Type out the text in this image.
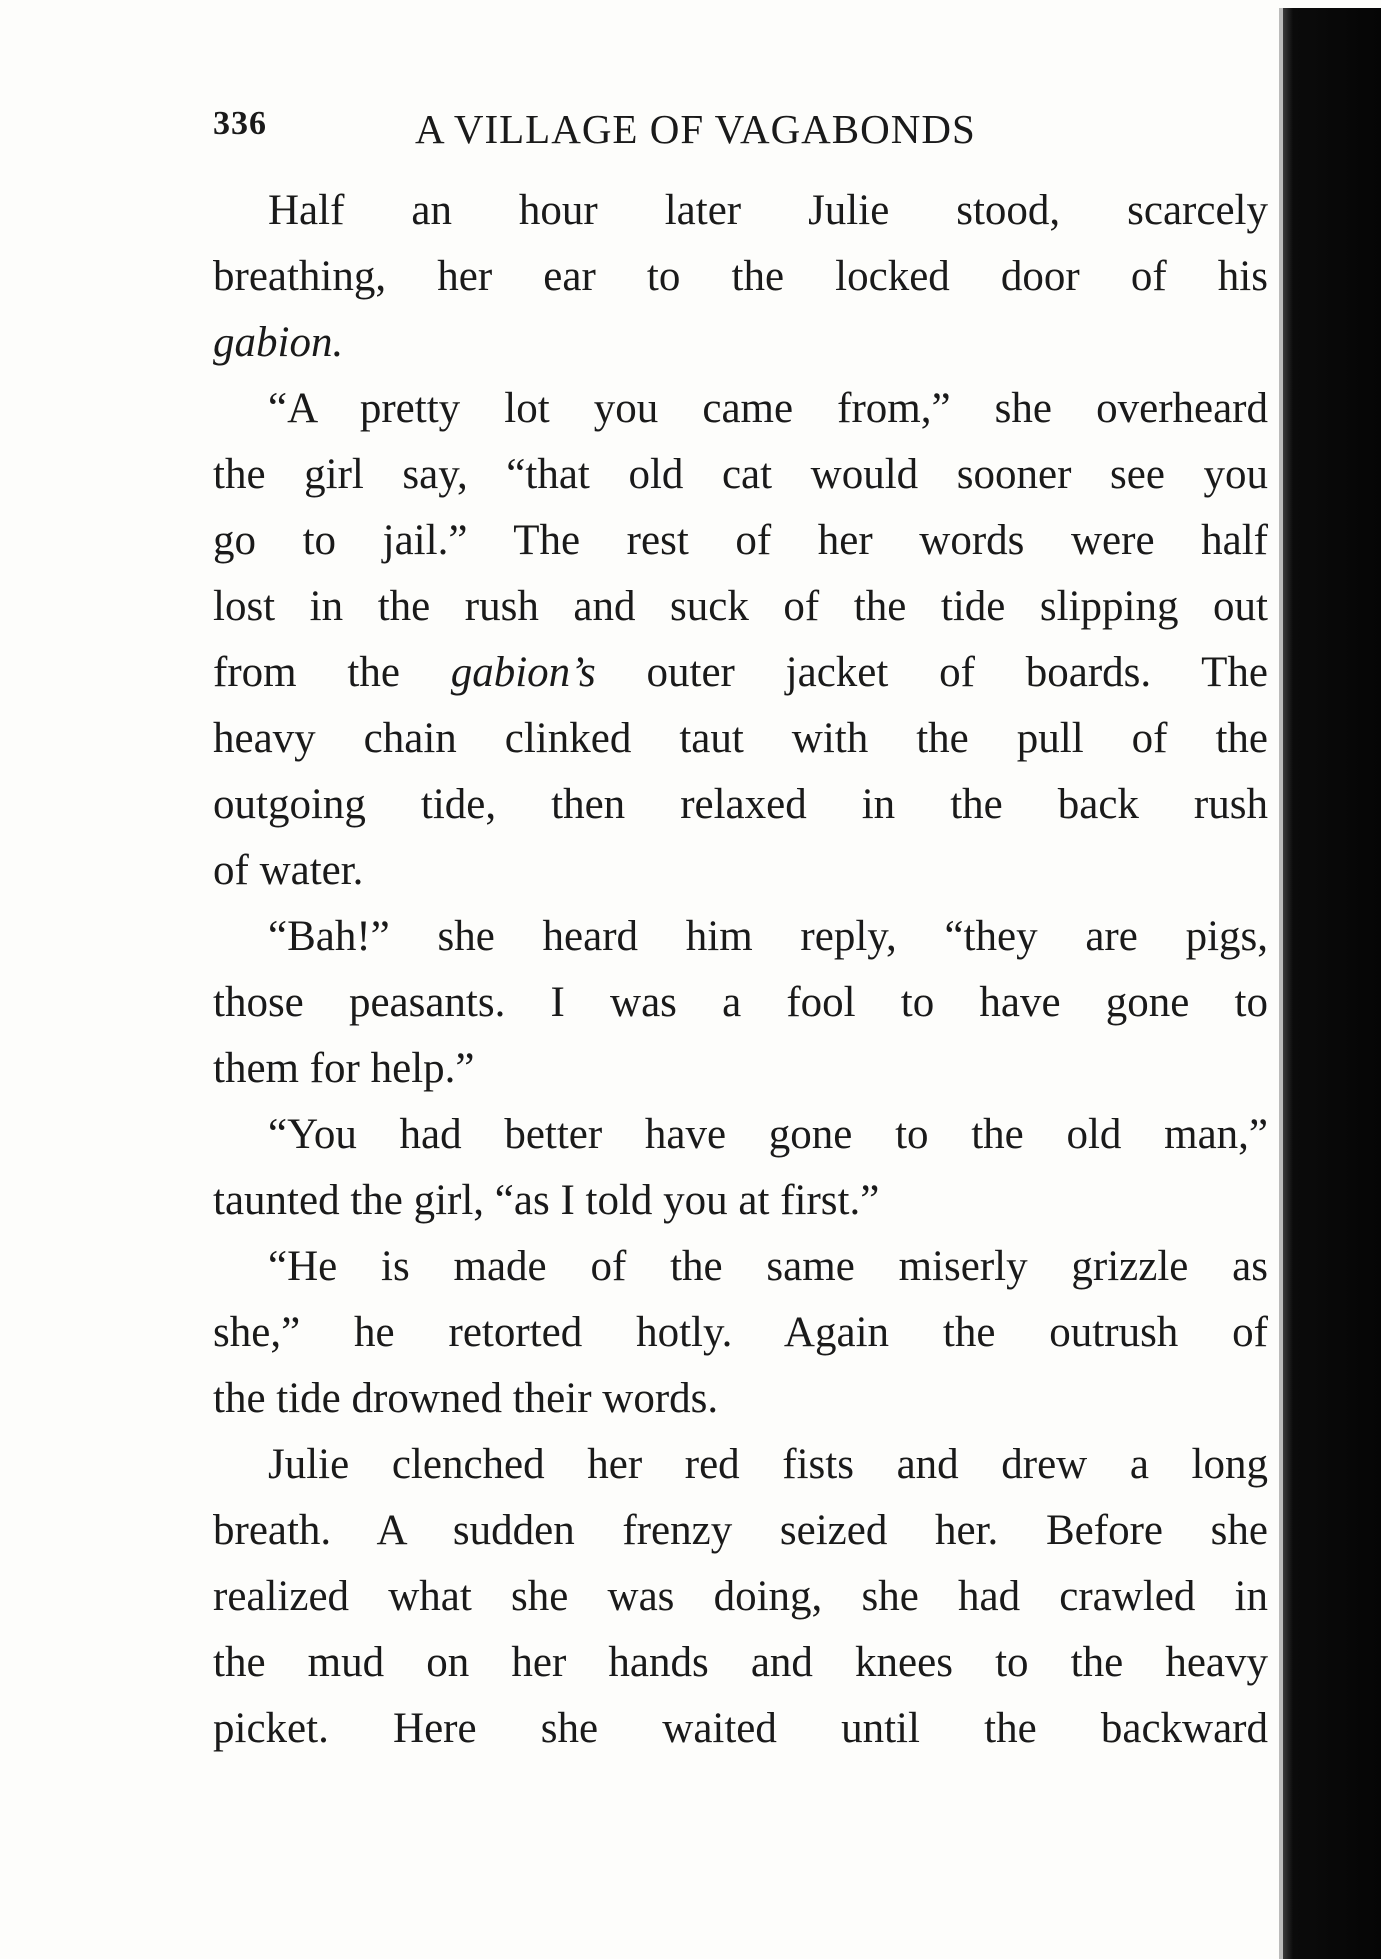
336	A VILLAGE OF VAGABONDS
Half an hour later Julie stood, scarcely
breathing, her ear to the locked door of his
gabion.
“A pretty lot you came from,” she overheard
the girl say, “that old cat would sooner see you
go to jail.” The rest of her words were half
lost in the rush and suck of the tide slipping out
from the gabion’s outer jacket of boards. The
heavy chain clinked taut with the pull of the
outgoing tide, then relaxed in the back rush
of water.
“Bah!” she heard him reply, “they are pigs,
those peasants. I was a fool to have gone to
them for help.”
“You had better have gone to the old man,”
taunted the girl, “as I told you at first.”
“He is made of the same miserly grizzle as
she,” he retorted hotly. Again the outrush of
the tide drowned their words.
Julie clenched her red fists and drew a long
breath. A sudden frenzy seized her. Before she
realized what she was doing, she had crawled in
the mud on her hands and knees to the heavy
picket. Here she waited until the backward
